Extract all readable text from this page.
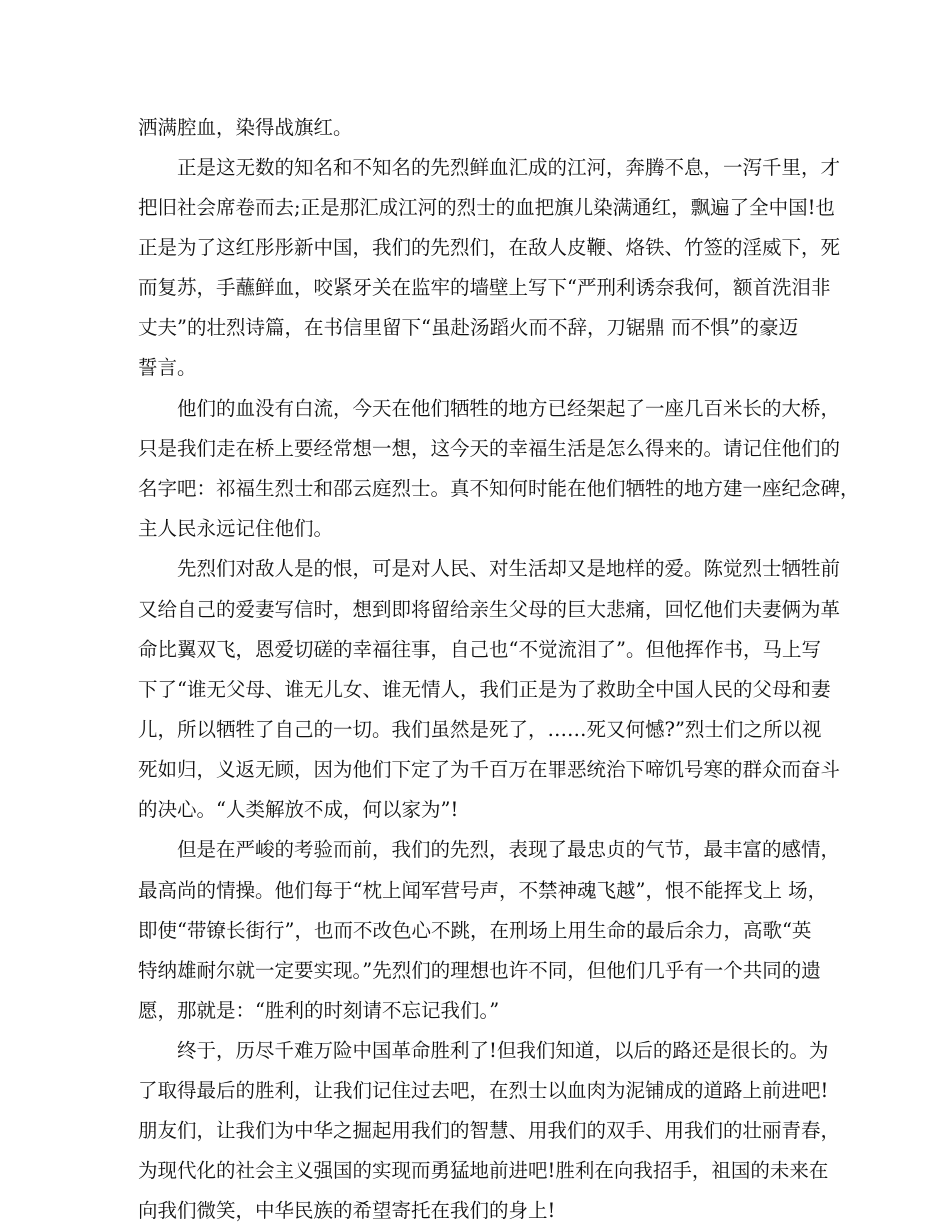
洒满腔血，染得战旗红。
正是这无数的知名和不知名的先烈鲜血汇成的江河，奔腾不息，一泻千里，才
把旧社会席卷而去;正是那汇成江河的烈士的血把旗儿染满通红，飘遍了全中国!也
正是为了这红彤彤新中国，我们的先烈们，在敌人皮鞭、烙铁、竹签的淫威下，死
而复苏，手蘸鲜血，咬紧牙关在监牢的墙壁上写下“严刑利诱奈我何，额首洗泪非
丈夫”的壮烈诗篇，在书信里留下“虽赴汤蹈火而不辞，刀锯鼎 而不惧”的豪迈
誓言。
他们的血没有白流，今天在他们牺牲的地方已经架起了一座几百米长的大桥，
只是我们走在桥上要经常想一想，这今天的幸福生活是怎么得来的。请记住他们的
名字吧：祁福生烈士和邵云庭烈士。真不知何时能在他们牺牲的地方建一座纪念碑，
主人民永远记住他们。
先烈们对敌人是的恨，可是对人民、对生活却又是地样的爱。陈觉烈士牺牲前
又给自己的爱妻写信时，想到即将留给亲生父母的巨大悲痛，回忆他们夫妻俩为革
命比翼双飞，恩爱切磋的幸福往事，自己也“不觉流泪了”。但他挥作书，马上写
下了“谁无父母、谁无儿女、谁无情人，我们正是为了救助全中国人民的父母和妻
儿，所以牺牲了自己的一切。我们虽然是死了，……死又何憾?”烈士们之所以视
死如归，义返无顾，因为他们下定了为千百万在罪恶统治下啼饥号寒的群众而奋斗
的决心。“人类解放不成，何以家为”!
但是在严峻的考验而前，我们的先烈，表现了最忠贞的气节，最丰富的感情，
最高尚的情操。他们每于“枕上闻军营号声，不禁神魂飞越”，恨不能挥戈上 场，
即使“带镣长街行”，也而不改色心不跳，在刑场上用生命的最后余力，高歌“英
特纳雄耐尔就一定要实现。”先烈们的理想也许不同，但他们几乎有一个共同的遗
愿，那就是：“胜利的时刻请不忘记我们。”
终于，历尽千难万险中国革命胜利了!但我们知道，以后的路还是很长的。为
了取得最后的胜利，让我们记住过去吧，在烈士以血肉为泥铺成的道路上前进吧!
朋友们，让我们为中华之掘起用我们的智慧、用我们的双手、用我们的壮丽青春，
为现代化的社会主义强国的实现而勇猛地前进吧!胜利在向我招手，祖国的未来在
向我们微笑，中华民族的希望寄托在我们的身上!
